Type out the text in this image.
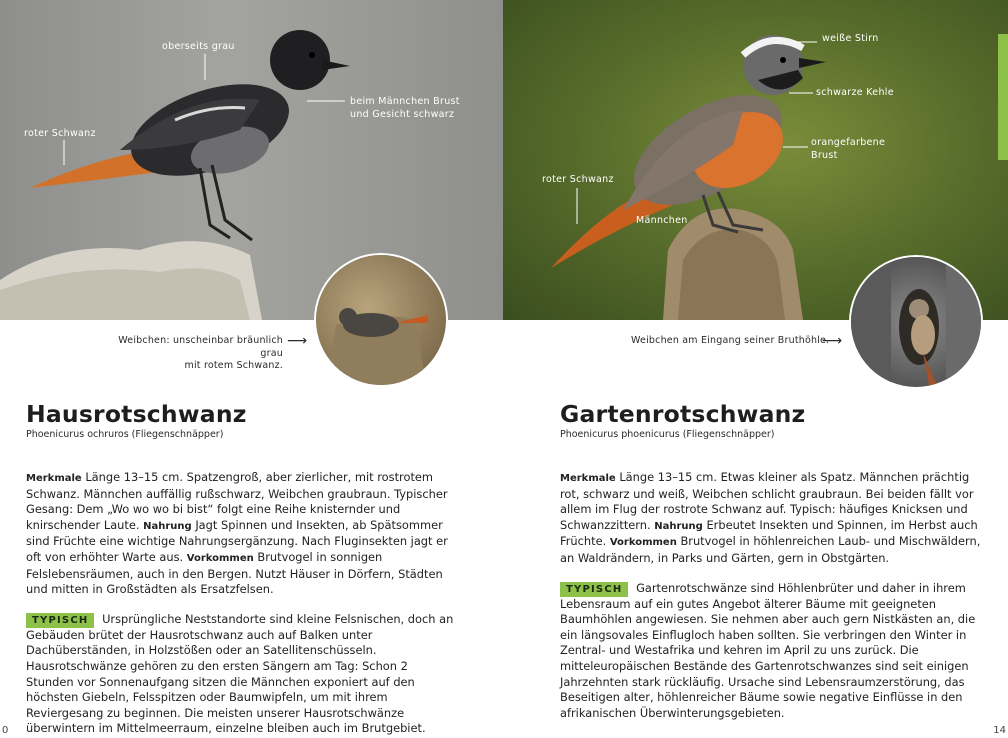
oberseits grau
beim Männchen Brust
und Gesicht schwarz
roter Schwanz
weiße Stirn
schwarze Kehle
orangefarbene
Brust
roter Schwanz
Männchen
Weibchen: unscheinbar bräunlich grau
mit rotem Schwanz.
⟶	Weibchen am Eingang seiner Bruthöhle.
⟶
Hausrotschwanz
Phoenicurus ochruros (Fliegenschnäpper)
Merkmale Länge 13–15 cm. Spatzengroß, aber zierlicher, mit rostrotem Schwanz. Männchen auffällig rußschwarz, Weibchen graubraun. Typischer Gesang: Dem „Wo wo wo bi bist“ folgt eine Reihe knisternder und knirschender Laute. Nahrung Jagt Spinnen und Insekten, ab Spätsommer sind Früchte eine wichtige Nahrungsergänzung. Nach Fluginsekten jagt er oft von erhöhter Warte aus. Vorkommen Brutvogel in sonnigen Felslebensräumen, auch in den Bergen. Nutzt Häuser in Dörfern, Städten und mitten in Großstädten als Ersatzfelsen.
TYPISCH Ursprüngliche Neststandorte sind kleine Felsnischen, doch an Gebäuden brütet der Hausrotschwanz auch auf Balken unter Dachüberständen, in Holzstößen oder an Satellitenschüsseln. Hausrotschwänze gehören zu den ersten Sängern am Tag: Schon 2 Stunden vor Sonnenaufgang sitzen die Männchen exponiert auf den höchsten Giebeln, Felsspitzen oder Baumwipfeln, um mit ihrem Reviergesang zu beginnen. Die meisten unserer Hausrotschwänze überwintern im Mittelmeerraum, einzelne bleiben auch im Brutgebiet.
Gartenrotschwanz
Phoenicurus phoenicurus (Fliegenschnäpper)
Merkmale Länge 13–15 cm. Etwas kleiner als Spatz. Männchen prächtig rot, schwarz und weiß, Weibchen schlicht graubraun. Bei beiden fällt vor allem im Flug der rostrote Schwanz auf. Typisch: häufiges Knicksen und Schwanzzittern. Nahrung Erbeutet Insekten und Spinnen, im Herbst auch Früchte. Vorkommen Brutvogel in höhlenreichen Laub- und Mischwäldern, an Waldrändern, in Parks und Gärten, gern in Obstgärten.
TYPISCH Gartenrotschwänze sind Höhlenbrüter und daher in ihrem Lebensraum auf ein gutes Angebot älterer Bäume mit geeigneten Baumhöhlen angewiesen. Sie nehmen aber auch gern Nistkästen an, die ein längsovales Einflugloch haben sollten. Sie verbringen den Winter in Zentral- und Westafrika und kehren im April zu uns zurück. Die mitteleuropäischen Bestände des Gartenrotschwanzes sind seit einigen Jahrzehnten stark rückläufig. Ursache sind Lebensraumzerstörung, das Beseitigen alter, höhlenreicher Bäume sowie negative Einflüsse in den afrikanischen Überwinterungsgebieten.
0	14
